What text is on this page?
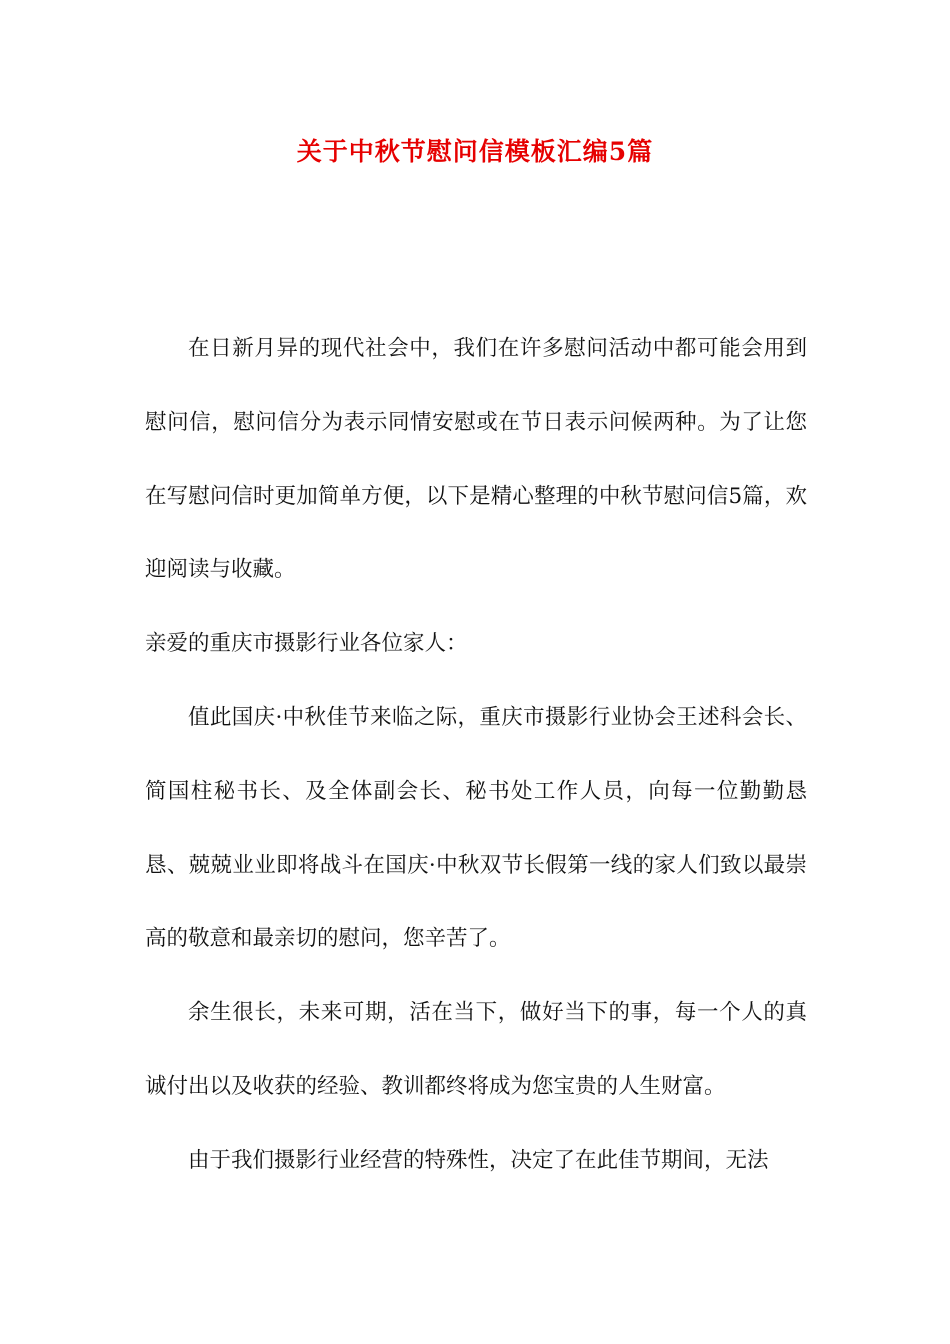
关于中秋节慰问信模板汇编5篇

在日新月异的现代社会中，我们在许多慰问活动中都可能会用到慰问信，慰问信分为表示同情安慰或在节日表示问候两种。为了让您在写慰问信时更加简单方便，以下是精心整理的中秋节慰问信5篇，欢迎阅读与收藏。

亲爱的重庆市摄影行业各位家人：

值此国庆·中秋佳节来临之际，重庆市摄影行业协会王述科会长、简国柱秘书长、及全体副会长、秘书处工作人员，向每一位勤勤恳恳、兢兢业业即将战斗在国庆·中秋双节长假第一线的家人们致以最崇高的敬意和最亲切的慰问，您辛苦了。

余生很长，未来可期，活在当下，做好当下的事，每一个人的真诚付出以及收获的经验、教训都终将成为您宝贵的人生财富。

由于我们摄影行业经营的特殊性，决定了在此佳节期间，无法
